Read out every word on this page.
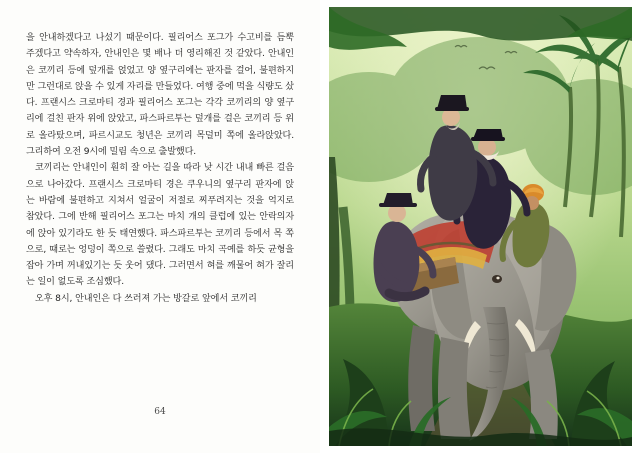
을 안내하겠다고 나섰기 때문이다. 필리어스 포그가 수고비를 듬뿍 주겠다고 약속하자, 안내인은 몇 배나 더 영리해진 것 같았다. 안내인은 코끼리 등에 덮개를 얹었고 양 옆구리에는 판자를 걸어, 불편하지만 그런대로 앉을 수 있게 자리를 만들었다. 여행 중에 먹을 식량도 샀다. 프랜시스 크로마티 경과 필리어스 포그는 각각 코끼리의 양 옆구리에 걸친 판자 위에 앉았고, 파스파르투는 덮개를 걸은 코끼리 등 위로 올라탔으며, 파르시교도 청년은 코끼리 목덜미 쪽에 올라앉았다. 그리하여 오전 9시에 밀림 속으로 출발했다.

코끼리는 안내인이 훤히 잘 아는 길을 따라 낮 시간 내내 빠른 걸음으로 나아갔다. 프랜시스 크로마티 경은 쿠우니의 옆구리 판자에 앉는 바람에 불편하고 지쳐서 얼굴이 저절로 찌푸려지는 것을 억지로 참았다. 그에 반해 필리어스 포그는 마치 개의 클럽에 있는 안락의자에 앉아 있기라도 한 듯 태연했다. 파스파르투는 코끼리 등에서 목 쪽으로, 때로는 엉덩이 쪽으로 쓸렸다. 그래도 마치 곡예를 하듯 균형을 잡아 가며 꺼내있기는 듯 웃어 댔다. 그러면서 혀를 깨물어 혀가 잘리는 일이 없도록 조심했다.

오후 8시, 안내인은 다 쓰러져 가는 방갈로 앞에서 코끼리

64
